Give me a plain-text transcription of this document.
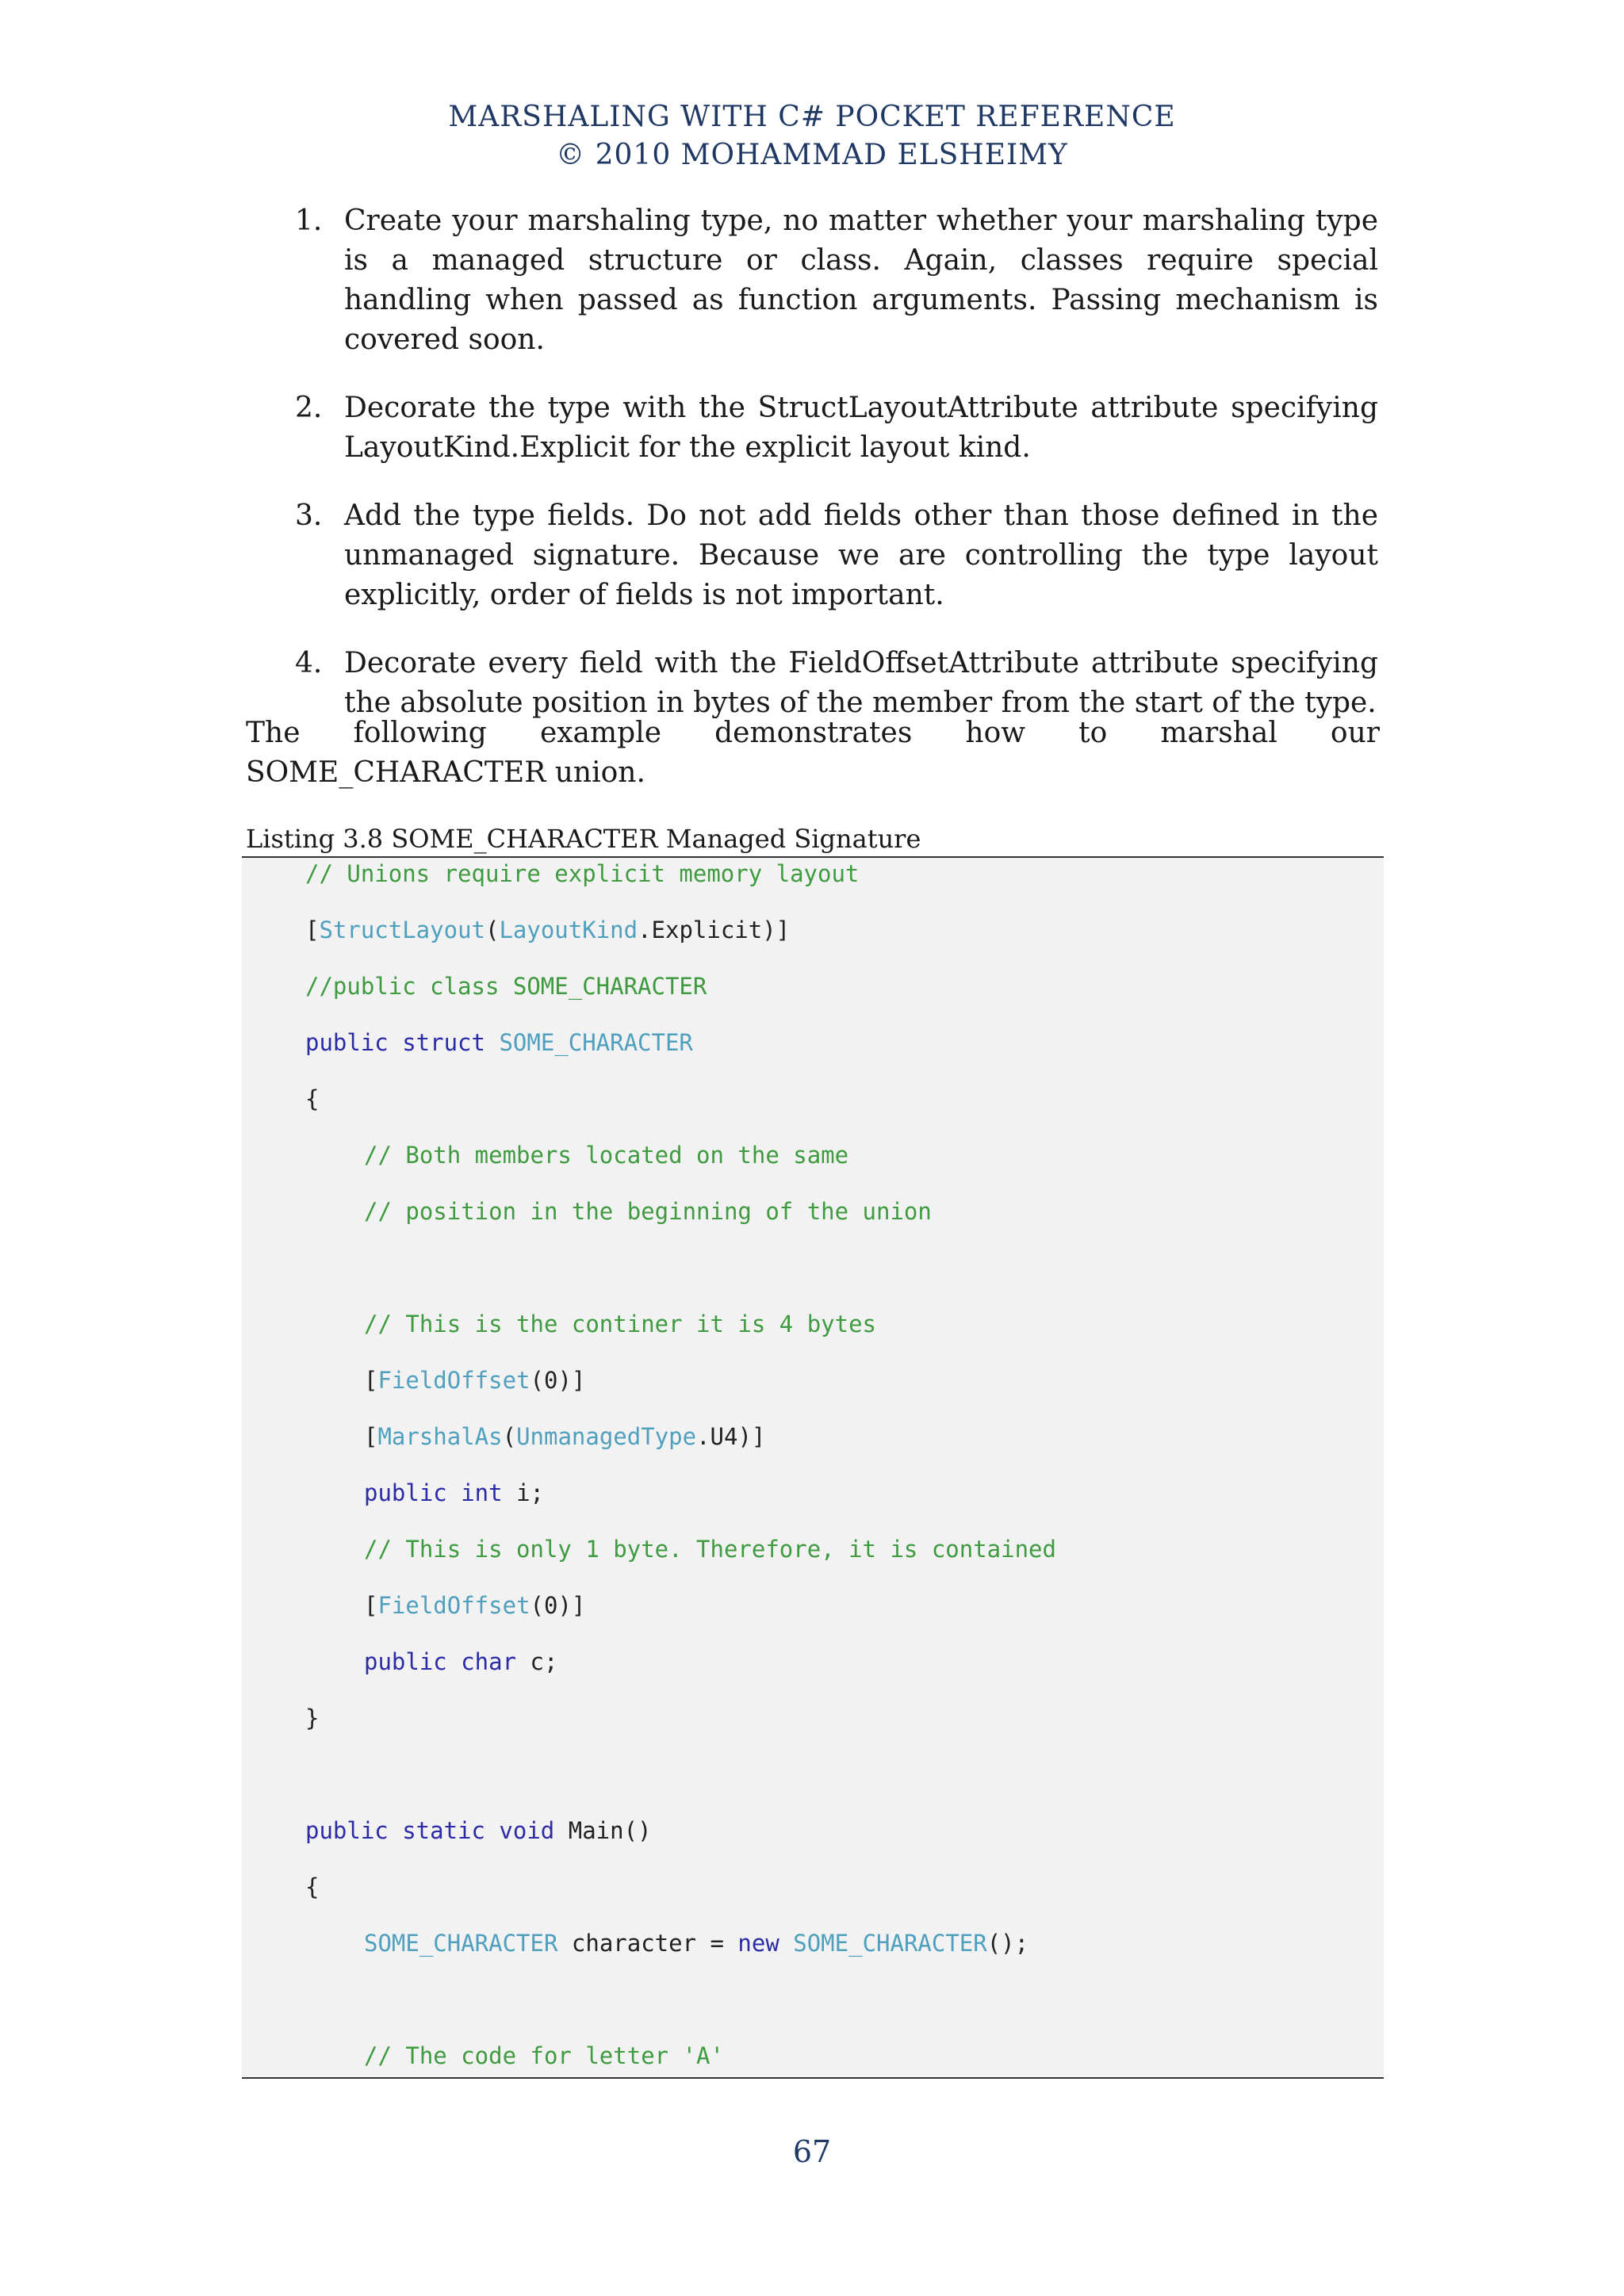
MARSHALING WITH C# POCKET REFERENCE
© 2010 MOHAMMAD ELSHEIMY
1. Create your marshaling type, no matter whether your marshaling type is a managed structure or class. Again, classes require special handling when passed as function arguments. Passing mechanism is covered soon.
2. Decorate the type with the StructLayoutAttribute attribute specifying LayoutKind.Explicit for the explicit layout kind.
3. Add the type fields. Do not add fields other than those defined in the unmanaged signature. Because we are controlling the type layout explicitly, order of fields is not important.
4. Decorate every field with the FieldOffsetAttribute attribute specifying the absolute position in bytes of the member from the start of the type.

The following example demonstrates how to marshal our SOME_CHARACTER union.

Listing 3.8 SOME_CHARACTER Managed Signature
// Unions require explicit memory layout
[StructLayout(LayoutKind.Explicit)]
//public class SOME_CHARACTER
public struct SOME_CHARACTER
{
// Both members located on the same
// position in the beginning of the union
// This is the continer it is 4 bytes
[FieldOffset(0)]
[MarshalAs(UnmanagedType.U4)]
public int i;
// This is only 1 byte. Therefore, it is contained
[FieldOffset(0)]
public char c;
}
public static void Main()
{
SOME_CHARACTER character = new SOME_CHARACTER();
// The code for letter 'A'
67
